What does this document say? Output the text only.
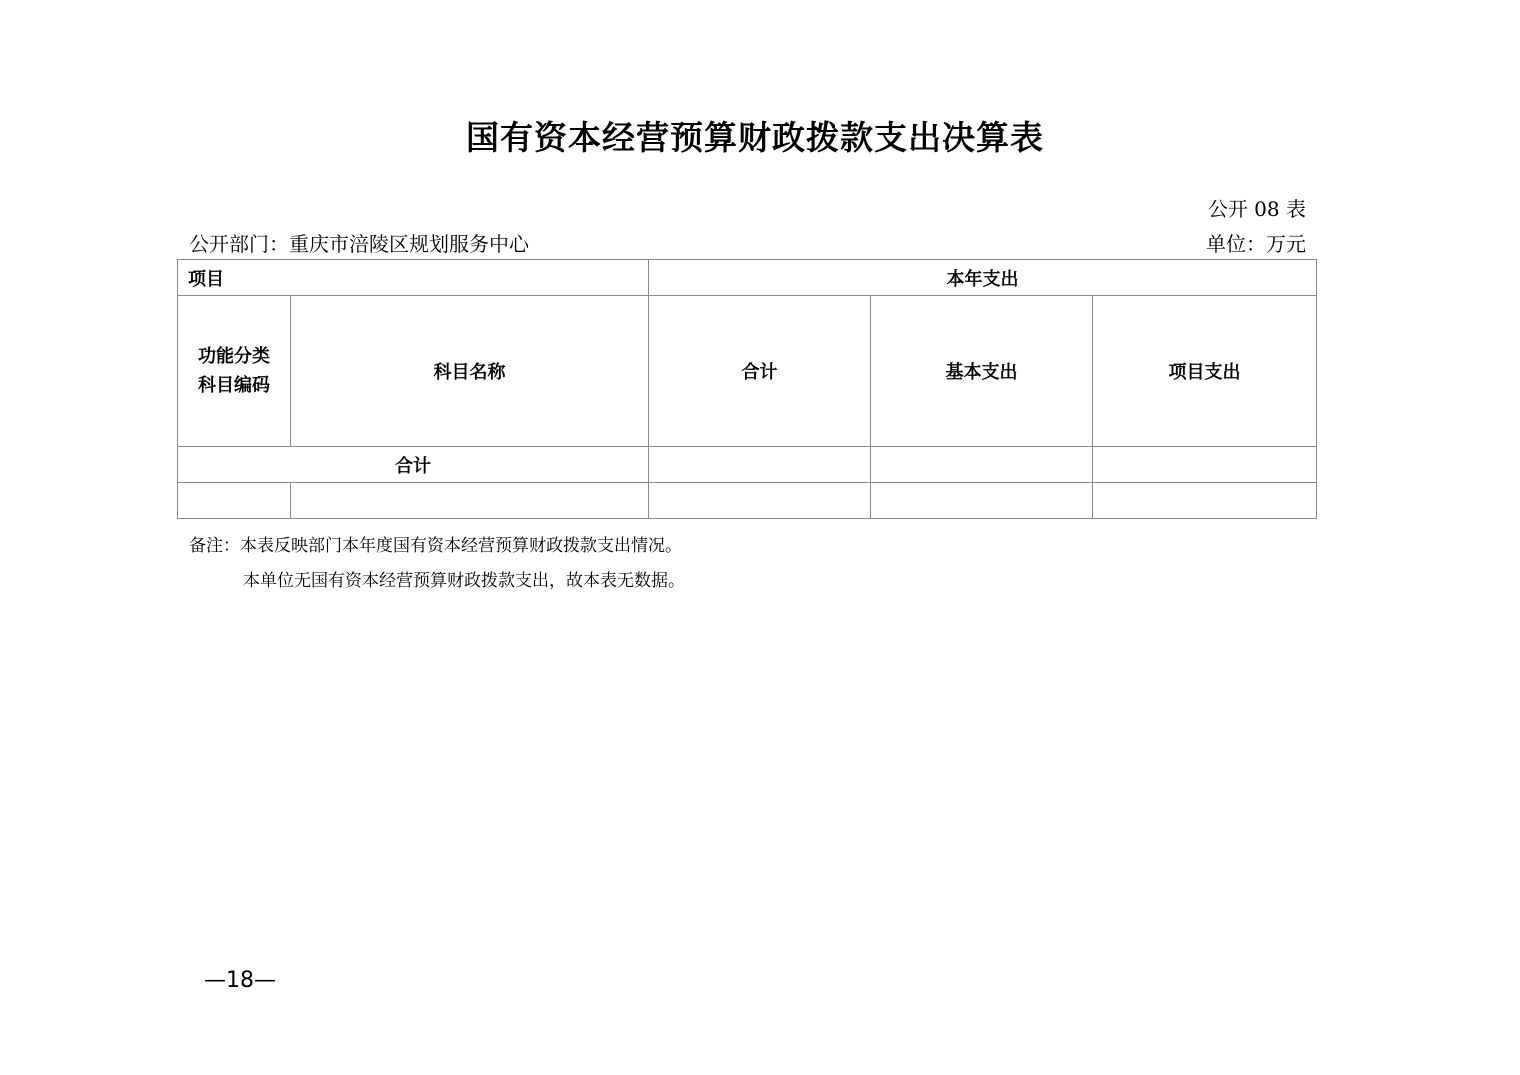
国有资本经营预算财政拨款支出决算表
公开 08 表
公开部门：重庆市涪陵区规划服务中心	单位：万元
项目		本年支出		

功能分类
科目编码	科目名称	合计	基本支出	项目支出
合计				

备注：本表反映部门本年度国有资本经营预算财政拨款支出情况。
本单位无国有资本经营预算财政拨款支出，故本表无数据。
—18—
